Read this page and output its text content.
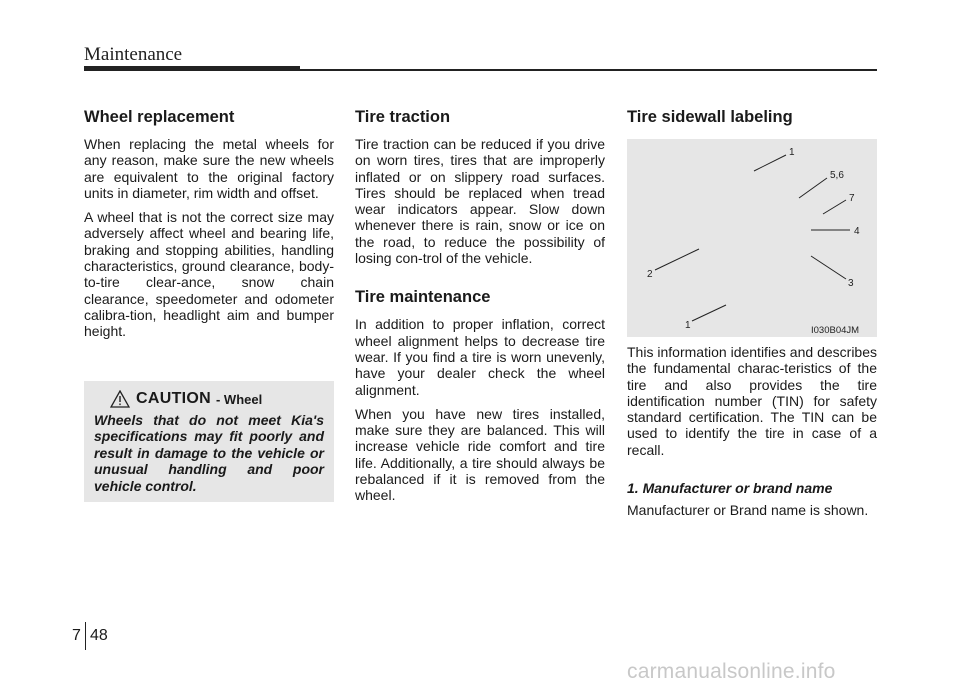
Maintenance
Wheel replacement

When replacing the metal wheels for any reason, make sure the new wheels are equivalent to the original factory units in diameter, rim width and offset.

A wheel that is not the correct size may adversely affect wheel and bearing life, braking and stopping abilities, handling characteristics, ground clearance, body-to-tire clear-ance, snow chain clearance, speedometer and odometer calibra-tion, headlight aim and bumper height.

CAUTION - Wheel

Wheels that do not meet Kia's specifications may fit poorly and result in damage to the vehicle or unusual handling and poor vehicle control.

Tire traction

Tire traction can be reduced if you drive on worn tires, tires that are improperly inflated or on slippery road surfaces. Tires should be replaced when tread wear indicators appear. Slow down whenever there is rain, snow or ice on the road, to reduce the possibility of losing con-trol of the vehicle.

Tire maintenance

In addition to proper inflation, correct wheel alignment helps to decrease tire wear. If you find a tire is worn unevenly, have your dealer check the wheel alignment.

When you have new tires installed, make sure they are balanced. This will increase vehicle ride comfort and tire life. Additionally, a tire should always be rebalanced if it is removed from the wheel.

Tire sidewall labeling
1
5,6
7
4
3
2
1	I030B04JM

This information identifies and describes the fundamental charac-teristics of the tire and also provides the tire identification number (TIN) for safety standard certification. The TIN can be used to identify the tire in case of a recall.

1. Manufacturer or brand name

Manufacturer or Brand name is shown.

7 48
carmanualsonline.info
